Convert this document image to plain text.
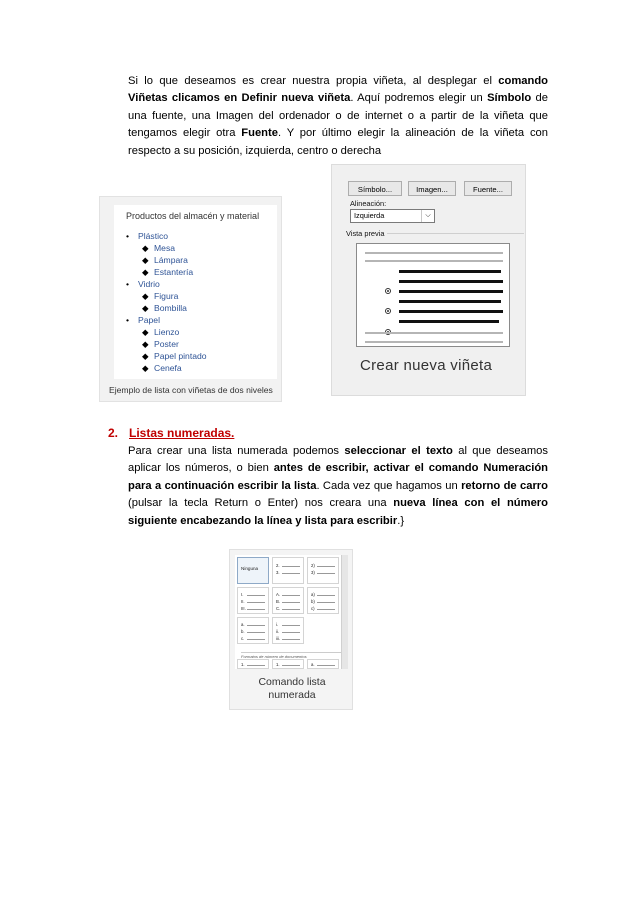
Si lo que deseamos es crear nuestra propia viñeta, al desplegar el comando Viñetas clicamos en Definir nueva viñeta. Aquí podremos elegir un Símbolo de una fuente, una Imagen del ordenador o de internet o a partir de la viñeta que tengamos elegir otra Fuente. Y por último elegir la alineación de la viñeta con respecto a su posición, izquierda, centro o derecha
Productos del almacén y material
• Plástico
◆ Mesa
◆ Lámpara
◆ Estantería
• Vidrio
◆ Figura
◆ Bombilla
• Papel
◆ Lienzo
◆ Poster
◆ Papel pintado
◆ Cenefa
Ejemplo de lista con viñetas de dos niveles
Símbolo...	Imagen...	Fuente...
Alineación:
Izquierda	⌵
Vista previa
Crear nueva viñeta
2. Listas numeradas.
Para crear una lista numerada podemos seleccionar el texto al que deseamos aplicar los números, o bien antes de escribir, activar el comando Numeración para a continuación escribir la lista. Cada vez que hagamos un retorno de carro (pulsar la tecla Return o Enter) nos creara una nueva línea con el número siguiente encabezando la línea y lista para escribir.}
Ninguna
2.
3.
2)
3)
I.
II.
III.
A.
B.
C.
a)
b)
c)
a.
b.
c.
i.
ii.
iii.
Formatos de número de documentos
1.	1.	a.
Comando lista numerada
